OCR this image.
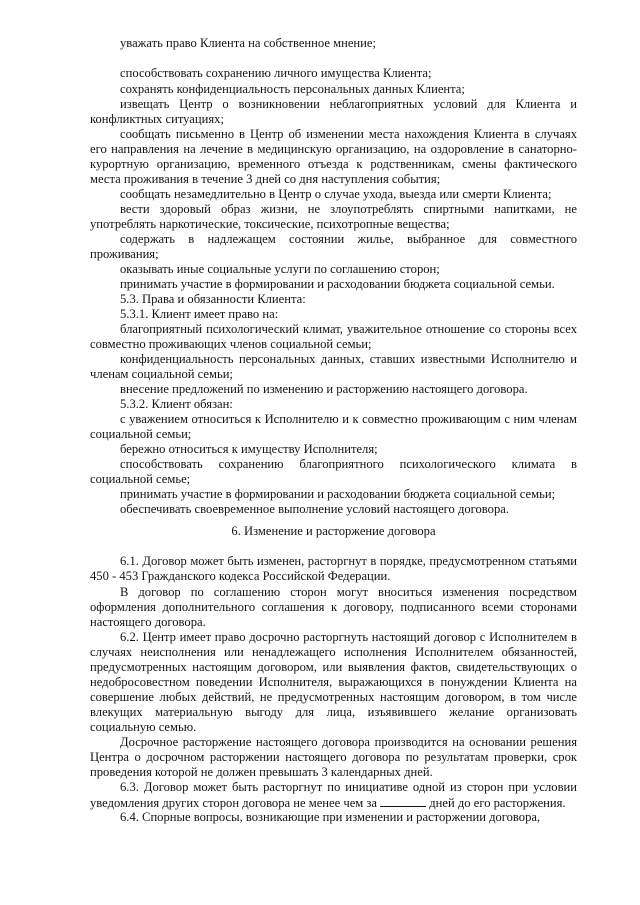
уважать право Клиента на собственное мнение;

способствовать сохранению личного имущества Клиента;

сохранять конфиденциальность персональных данных Клиента;

извещать Центр о возникновении неблагоприятных условий для Клиента и конфликтных ситуациях;

сообщать письменно в Центр об изменении места нахождения Клиента в случаях его направления на лечение в медицинскую организацию, на оздоровление в санаторно-курортную организацию, временного отъезда к родственникам, смены фактического места проживания в течение 3 дней со дня наступления события;

сообщать незамедлительно в Центр о случае ухода, выезда или смерти Клиента;

вести здоровый образ жизни, не злоупотреблять спиртными напитками, не употреблять наркотические, токсические, психотропные вещества;

содержать в надлежащем состоянии жилье, выбранное для совместного проживания;

оказывать иные социальные услуги по соглашению сторон;

принимать участие в формировании и расходовании бюджета социальной семьи.

5.3. Права и обязанности Клиента:

5.3.1. Клиент имеет право на:

благоприятный психологический климат, уважительное отношение со стороны всех совместно проживающих членов социальной семьи;

конфиденциальность персональных данных, ставших известными Исполнителю и членам социальной семьи;

внесение предложений по изменению и расторжению настоящего договора.

5.3.2. Клиент обязан:

с уважением относиться к Исполнителю и к совместно проживающим с ним членам социальной семьи;

бережно относиться к имуществу Исполнителя;

способствовать сохранению благоприятного психологического климата в социальной семье;

принимать участие в формировании и расходовании бюджета социальной семьи;

обеспечивать своевременное выполнение условий настоящего договора.

6. Изменение и расторжение договора

6.1. Договор может быть изменен, расторгнут в порядке, предусмотренном статьями 450 - 453 Гражданского кодекса Российской Федерации.

В договор по соглашению сторон могут вноситься изменения посредством оформления дополнительного соглашения к договору, подписанного всеми сторонами настоящего договора.

6.2. Центр имеет право досрочно расторгнуть настоящий договор с Исполнителем в случаях неисполнения или ненадлежащего исполнения Исполнителем обязанностей, предусмотренных настоящим договором, или выявления фактов, свидетельствующих о недобросовестном поведении Исполнителя, выражающихся в понуждении Клиента на совершение любых действий, не предусмотренных настоящим договором, в том числе влекущих материальную выгоду для лица, изъявившего желание организовать социальную семью.

Досрочное расторжение настоящего договора производится на основании решения Центра о досрочном расторжении настоящего договора по результатам проверки, срок проведения которой не должен превышать 3 календарных дней.

6.3. Договор может быть расторгнут по инициативе одной из сторон при условии уведомления других сторон договора не менее чем за	дней до его расторжения.

6.4. Спорные вопросы, возникающие при изменении и расторжении договора,
